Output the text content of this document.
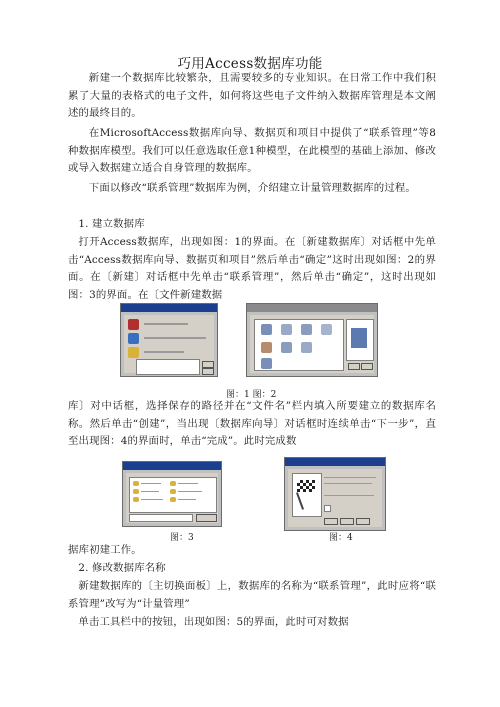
巧用Access数据库功能

新建一个数据库比较繁杂，且需要较多的专业知识。在日常工作中我们积累了大量的表格式的电子文件，如何将这些电子文件纳入数据库管理是本文阐述的最终目的。

在MicrosoftAccess数据库向导、数据页和项目中提供了“联系管理”等8种数据库模型。我们可以任意选取任意1种模型，在此模型的基础上添加、修改或导入数据建立适合自身管理的数据库。

下面以修改“联系管理”数据库为例，介绍建立计量管理数据库的过程。

1. 建立数据库

打开Access数据库，出现如图：1的界面。在〔新建数据库〕对话框中先单击“Access数据库向导、数据页和项目”然后单击“确定”这时出现如图：2的界面。在〔新建〕对话框中先单击“联系管理”，然后单击“确定”，这时出现如图：3的界面。在〔文件新建数据

图：1 图：2

库〕对中话框，选择保存的路径并在“文件名”栏内填入所要建立的数据库名称。然后单击“创建”，当出现〔数据库向导〕对话框时连续单击“下一步”，直至出现图：4的界面时，单击“完成”。此时完成数

图：3	图：4

据库初建工作。

2. 修改数据库名称

新建数据库的〔主切换面板〕上，数据库的名称为“联系管理”，此时应将“联系管理”改写为“计量管理”

单击工具栏中的按钮，出现如图：5的界面，此时可对数据
